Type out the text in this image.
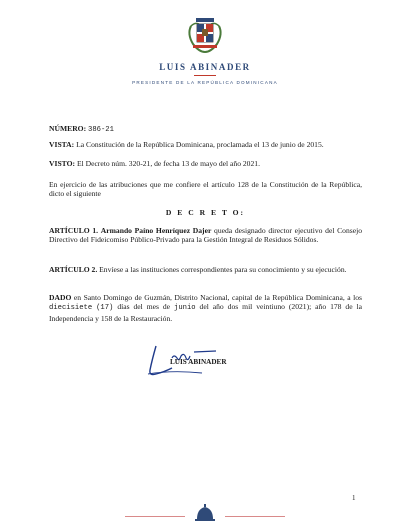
LUIS ABINADER
PRESIDENTE DE LA REPÚBLICA DOMINICANA
NÚMERO: 386-21
VISTA: La Constitución de la República Dominicana, proclamada el 13 de junio de 2015.
VISTO: El Decreto núm. 320-21, de fecha 13 de mayo del año 2021.
En ejercicio de las atribuciones que me confiere el artículo 128 de la Constitución de la República, dicto el siguiente
D E C R E T O:
ARTÍCULO 1. Armando Paíno Henríquez Dajer queda designado director ejecutivo del Consejo Directivo del Fideicomiso Público-Privado para la Gestión Integral de Residuos Sólidos.
ARTÍCULO 2. Envíese a las instituciones correspondientes para su conocimiento y su ejecución.
DADO en Santo Domingo de Guzmán, Distrito Nacional, capital de la República Dominicana, a los diecisiete (17) días del mes de junio del año dos mil veintiuno (2021); año 178 de la Independencia y 158 de la Restauración.
LUIS ABINADER
1
